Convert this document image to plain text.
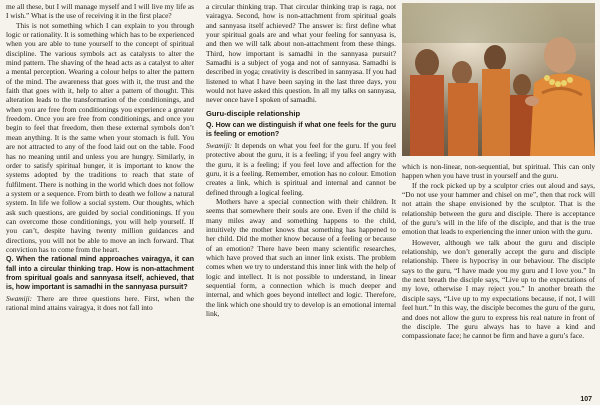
me all these, but I will manage myself and I will live my life as I wish.” What is the use of receiving it in the first place?

This is not something which I can explain to you through logic or rationality. It is something which has to be experienced when you are able to tune yourself to the concept of spiritual discipline. The various symbols act as catalysts to alter the mind pattern. The shaving of the head acts as a catalyst to alter a mental perception. Wearing a colour helps to alter the pattern of the mind. The awareness that goes with it, the trust and the faith that goes with it, help to alter a pattern of thought. This alteration leads to the transformation of the conditionings, and when you are free from conditionings you experience a greater freedom. Once you are free from conditionings, and once you begin to feel that freedom, then these external symbols don’t mean anything. It is the same when your stomach is full. You are not attracted to any of the food laid out on the table. Food has no meaning until and unless you are hungry. Similarly, in order to satisfy spiritual hunger, it is important to know the systems adopted by the traditions to reach that state of fulfilment. There is nothing in the world which does not follow a system or a sequence. From birth to death we follow a natural system. In life we follow a social system. Our thoughts, which ask such questions, are guided by social conditionings. If you can overcome those conditionings, you will help yourself. If you can’t, despite having twenty million guidances and directions, you will not be able to move an inch forward. That conviction has to come from the heart.

Q. When the rational mind approaches vairagya, it can fall into a circular thinking trap. How is non-attachment from spiritual goals and sannyasa itself, achieved, that is, how important is samadhi in the sannyasa pursuit?

Swamiji: There are three questions here. First, when the rational mind attains vairagya, it does not fall into

a circular thinking trap. That circular thinking trap is raga, not vairagya. Second, how is non-attachment from spiritual goals and sannyasa itself achieved? The answer is: first define what your spiritual goals are and what your feeling for sannyasa is, and then we will talk about non-attachment from these things. Third, how important is samadhi in the sannyasa pursuit? Samadhi is a subject of yoga and not of sannyasa. Samadhi is described in yoga; creativity is described in sannyasa. If you had listened to what I have been saying in the last three days, you would not have asked this question. In all my talks on sannyasa, never once have I spoken of samadhi.

Guru-disciple relationship

Q. How can we distinguish if what one feels for the guru is feeling or emotion?

Swamiji: It depends on what you feel for the guru. If you feel protective about the guru, it is a feeling; if you feel angry with the guru, it is a feeling; if you feel love and affection for the guru, it is a feeling. Remember, emotion has no colour. Emotion creates a link, which is spiritual and internal and cannot be defined through a logical feeling.

Mothers have a special connection with their children. It seems that somewhere their souls are one. Even if the child is many miles away and something happens to the child, intuitively the mother knows that something has happened to her child. Did the mother know because of a feeling or because of an emotion? There have been many scientific researches, which have proved that such an inner link exists. The problem comes when we try to understand this inner link with the help of logic and intellect. It is not possible to understand, in linear sequential form, a connection which is much deeper and internal, and which goes beyond intellect and logic. Therefore, the link which one should try to develop is an emotional internal link,

which is non-linear, non-sequential, but spiritual. This can only happen when you have trust in yourself and the guru.

If the rock picked up by a sculptor cries out aloud and says, “Do not use your hammer and chisel on me”, then that rock will not attain the shape envisioned by the sculptor. That is the relationship between the guru and disciple. There is acceptance of the guru’s will in the life of the disciple, and that is the true emotion that leads to experiencing the inner union with the guru.

However, although we talk about the guru and disciple relationship, we don’t generally accept the guru and disciple relationship. There is hypocrisy in our behaviour. The disciple says to the guru, “I have made you my guru and I love you.” In the next breath the disciple says, “Live up to the expectations of my love, otherwise I may reject you.” In another breath the disciple says, “Live up to my expectations because, if not, I will feel hurt.” In this way, the disciple becomes the guru of the guru, and does not allow the guru to express his real nature in front of the disciple. The guru always has to have a kind and compassionate face; he cannot be firm and have a guru’s face.

107
